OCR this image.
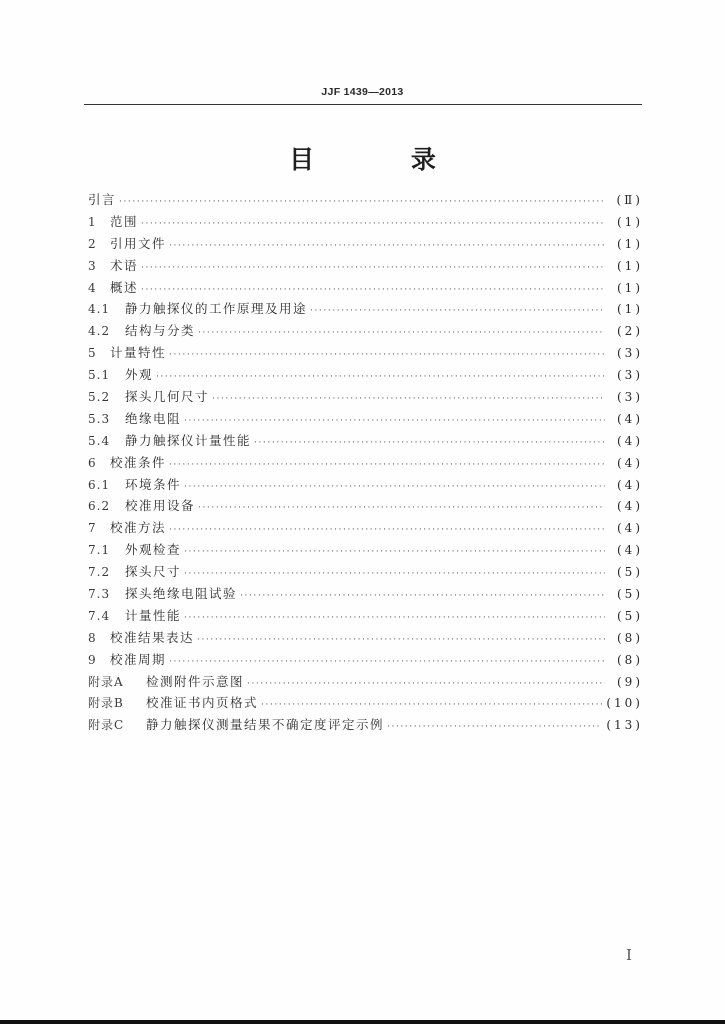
JJF 1439—2013
目 录
引言 ·····	(Ⅱ)
1	范围 ·····	(1)
2	引用文件 ·····	(1)
3	术语 ·····	(1)
4	概述 ·····	(1)
4.1	静力触探仪的工作原理及用途 ·····	(1)
4.2	结构与分类 ·····	(2)
5	计量特性 ·····	(3)
5.1	外观 ·····	(3)
5.2	探头几何尺寸 ·····	(3)
5.3	绝缘电阻 ·····	(4)
5.4	静力触探仪计量性能 ·····	(4)
6	校准条件 ·····	(4)
6.1	环境条件 ·····	(4)
6.2	校准用设备 ·····	(4)
7	校准方法 ·····	(4)
7.1	外观检查 ·····	(4)
7.2	探头尺寸 ·····	(5)
7.3	探头绝缘电阻试验 ·····	(5)
7.4	计量性能 ·····	(5)
8	校准结果表达 ·····	(8)
9	校准周期 ·····	(8)
附录A	检测附件示意图 ·····	(9)
附录B	校准证书内页格式 ·····	(10)
附录C	静力触探仪测量结果不确定度评定示例 ·····	(13)
I
